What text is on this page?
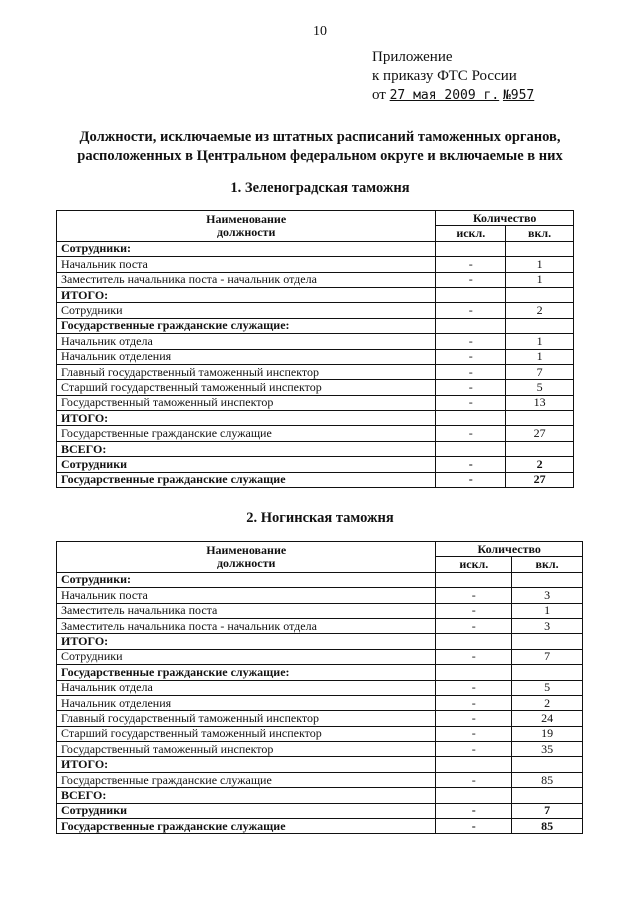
10
Приложение
к приказу ФТС России
от 27 мая 2009 г. №957
Должности, исключаемые из штатных расписаний таможенных органов,
расположенных в Центральном федеральном округе и включаемые в них
1. Зеленоградская таможня
Наименование
должности	Количество	
	искл.	вкл.
Сотрудники:		
Начальник поста	-	1
Заместитель начальника поста - начальник отдела	-	1
ИТОГО:		
Сотрудники	-	2
Государственные гражданские служащие:		
Начальник отдела	-	1
Начальник отделения	-	1
Главный государственный таможенный инспектор	-	7
Старший государственный таможенный инспектор	-	5
Государственный таможенный инспектор	-	13
ИТОГО:		
Государственные гражданские служащие	-	27
ВСЕГО:		
Сотрудники	-	2
Государственные гражданские служащие	-	27
2. Ногинская таможня
Наименование
должности	Количество	
	искл.	вкл.
Сотрудники:		
Начальник поста	-	3
Заместитель начальника поста	-	1
Заместитель начальника поста - начальник отдела	-	3
ИТОГО:		
Сотрудники	-	7
Государственные гражданские служащие:		
Начальник отдела	-	5
Начальник отделения	-	2
Главный государственный таможенный инспектор	-	24
Старший государственный таможенный инспектор	-	19
Государственный таможенный инспектор	-	35
ИТОГО:		
Государственные гражданские служащие	-	85
ВСЕГО:		
Сотрудники	-	7
Государственные гражданские служащие	-	85
